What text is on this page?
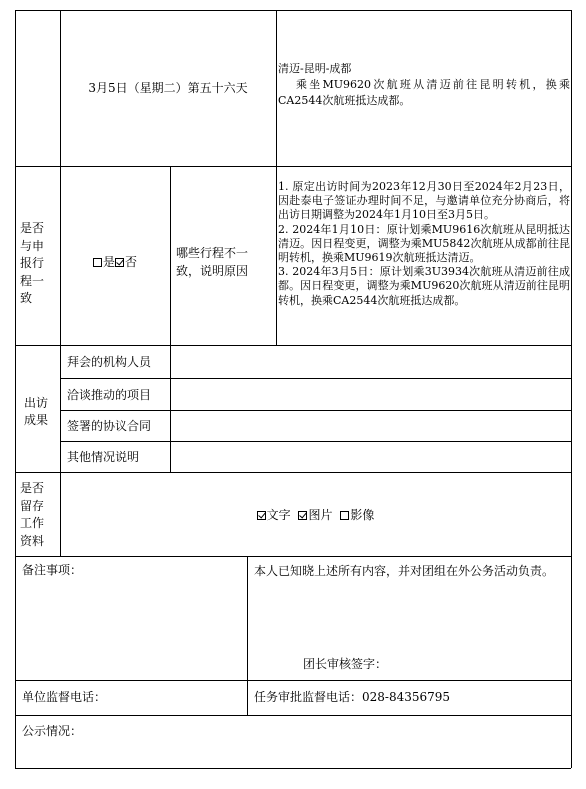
3月5日（星期二）第五十六天

清迈-昆明-成都

乘坐MU9620次航班从清迈前往昆明转机，换乘CA2544次航班抵达成都。

是否
与申
报行
程一
致
是 否
哪些行程不一致，说明原因

1. 原定出访时间为2023年12月30日至2024年2月23日，因赴泰电子签证办理时间不足，与邀请单位充分协商后，将出访日期调整为2024年1月10日至3月5日。

2. 2024年1月10日：原计划乘MU9616次航班从昆明抵达清迈。因日程变更，调整为乘MU5842次航班从成都前往昆明转机，换乘MU9619次航班抵达清迈。

3. 2024年3月5日：原计划乘3U3934次航班从清迈前往成都。因日程变更，调整为乘MU9620次航班从清迈前往昆明转机，换乘CA2544次航班抵达成都。

出访
成果
拜会的机构人员
洽谈推动的项目
签署的协议合同
其他情况说明
是否
留存
工作
资料
文字 图片 影像
备注事项：	本人已知晓上述所有内容，并对团组在外公务活动负责。
团长审核签字：
单位监督电话：	任务审批监督电话：028-84356795
公示情况：
